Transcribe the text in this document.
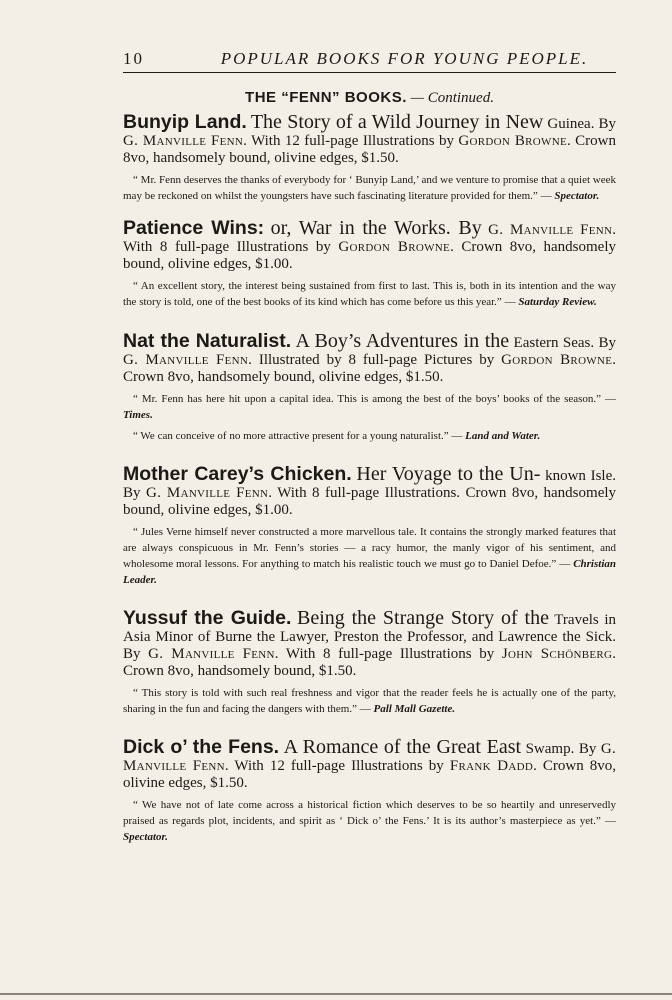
10	POPULAR BOOKS FOR YOUNG PEOPLE.
THE “FENN” BOOKS. — Continued.

Bunyip Land. The Story of a Wild Journey in New Guinea. By G. Manville Fenn. With 12 full-page Illustrations by Gordon Browne. Crown 8vo, handsomely bound, olivine edges, $1.50.

“ Mr. Fenn deserves the thanks of everybody for ‘ Bunyip Land,’ and we venture to promise that a quiet week may be reckoned on whilst the youngsters have such fascinating literature provided for them.” — Spectator.

Patience Wins: or, War in the Works. By G. Manville Fenn. With 8 full-page Illustrations by Gordon Browne. Crown 8vo, handsomely bound, olivine edges, $1.00.

“ An excellent story, the interest being sustained from first to last. This is, both in its intention and the way the story is told, one of the best books of its kind which has come before us this year.” — Saturday Review.

Nat the Naturalist. A Boy’s Adventures in the Eastern Seas. By G. Manville Fenn. Illustrated by 8 full-page Pictures by Gordon Browne. Crown 8vo, handsomely bound, olivine edges, $1.50.

“ Mr. Fenn has here hit upon a capital idea. This is among the best of the boys’ books of the season.” — Times.

“ We can conceive of no more attractive present for a young naturalist.” — Land and Water.

Mother Carey’s Chicken. Her Voyage to the Un- known Isle. By G. Manville Fenn. With 8 full-page Illustrations. Crown 8vo, handsomely bound, olivine edges, $1.00.

“ Jules Verne himself never constructed a more marvellous tale. It contains the strongly marked features that are always conspicuous in Mr. Fenn’s stories — a racy humor, the manly vigor of his sentiment, and wholesome moral lessons. For anything to match his realistic touch we must go to Daniel Defoe.” — Christian Leader.

Yussuf the Guide. Being the Strange Story of the Travels in Asia Minor of Burne the Lawyer, Preston the Professor, and Lawrence the Sick. By G. Manville Fenn. With 8 full-page Illustrations by John Schönberg. Crown 8vo, handsomely bound, $1.50.

“ This story is told with such real freshness and vigor that the reader feels he is actually one of the party, sharing in the fun and facing the dangers with them.” — Pall Mall Gazette.

Dick o’ the Fens. A Romance of the Great East Swamp. By G. Manville Fenn. With 12 full-page Illustrations by Frank Dadd. Crown 8vo, olivine edges, $1.50.

“ We have not of late come across a historical fiction which deserves to be so heartily and unreservedly praised as regards plot, incidents, and spirit as ‘ Dick o’ the Fens.’ It is its author’s masterpiece as yet.” — Spectator.
